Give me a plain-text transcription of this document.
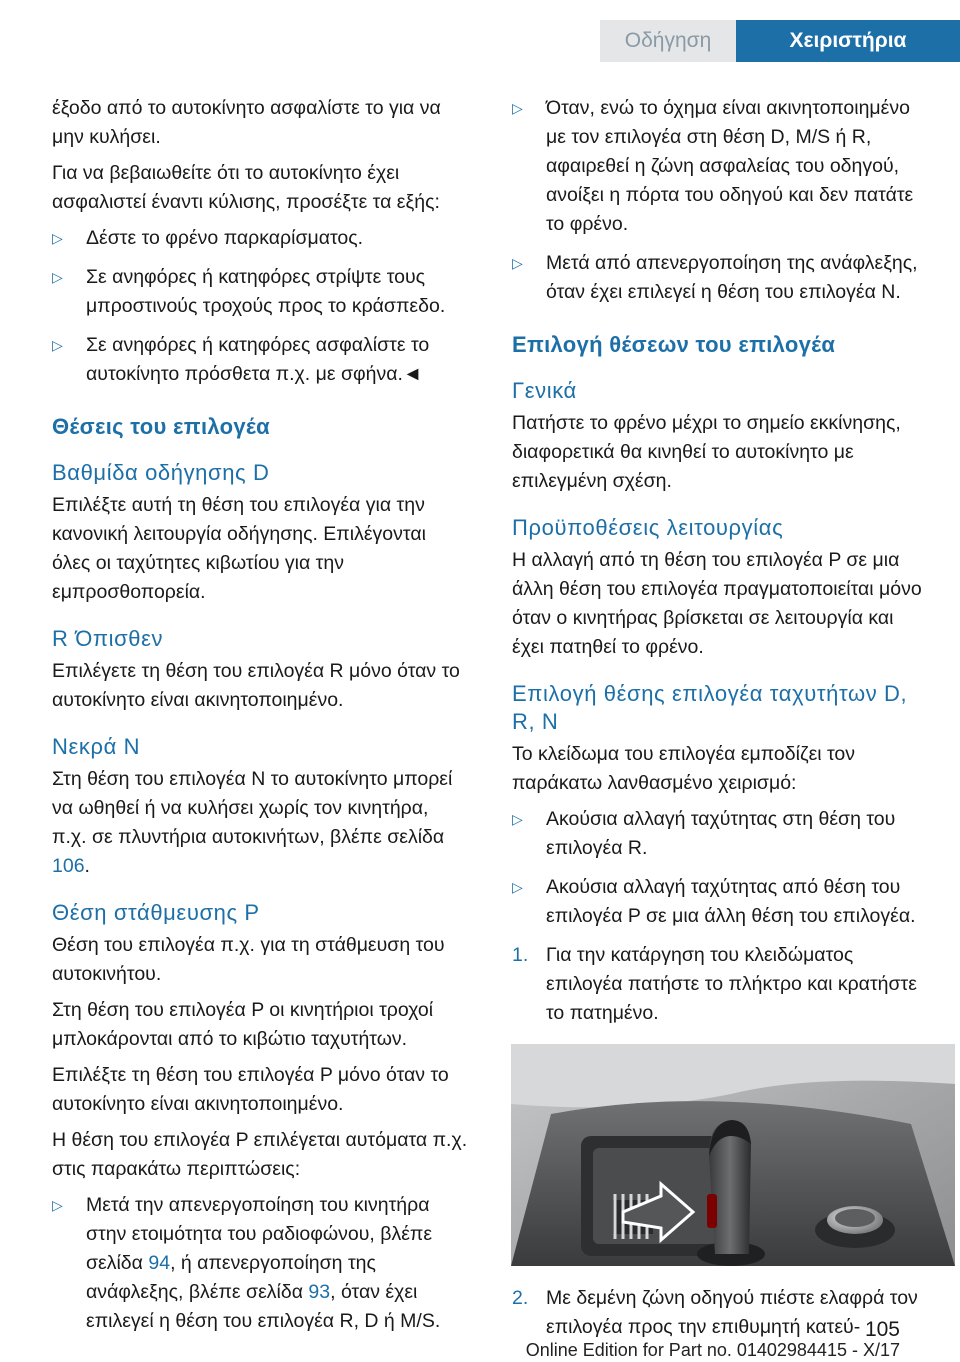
Οδήγηση	Χειριστήρια

έξοδο από το αυτοκίνητο ασφαλίστε το για να μην κυλήσει.

Για να βεβαιωθείτε ότι το αυτοκίνητο έχει ασφαλιστεί έναντι κύλισης, προσέξτε τα εξής:

▷	Δέστε το φρένο παρκαρίσματος.
▷	Σε ανηφόρες ή κατηφόρες στρίψτε τους μπροστινούς τροχούς προς το κράσπεδο.
▷	Σε ανηφόρες ή κατηφόρες ασφαλίστε το αυτοκίνητο πρόσθετα π.χ. με σφήνα.◄
Θέσεις του επιλογέα
Βαθμίδα οδήγησης D

Επιλέξτε αυτή τη θέση του επιλογέα για την κανονική λειτουργία οδήγησης. Επιλέγονται όλες οι ταχύτητες κιβωτίου για την εμπροσθοπορεία.

R Όπισθεν

Επιλέγετε τη θέση του επιλογέα R μόνο όταν το αυτοκίνητο είναι ακινητοποιημένο.

Νεκρά N

Στη θέση του επιλογέα N το αυτοκίνητο μπορεί να ωθηθεί ή να κυλήσει χωρίς τον κινητήρα, π.χ. σε πλυντήρια αυτοκινήτων, βλέπε σελίδα 106.

Θέση στάθμευσης P

Θέση του επιλογέα π.χ. για τη στάθμευση του αυτοκινήτου.

Στη θέση του επιλογέα P οι κινητήριοι τροχοί μπλοκάρονται από το κιβώτιο ταχυτήτων.

Επιλέξτε τη θέση του επιλογέα P μόνο όταν το αυτοκίνητο είναι ακινητοποιημένο.

Η θέση του επιλογέα P επιλέγεται αυτόματα π.χ. στις παρακάτω περιπτώσεις:

▷	Μετά την απενεργοποίηση του κινητήρα στην ετοιμότητα του ραδιοφώνου, βλέπε σελίδα 94, ή απενεργοποίηση της ανάφλεξης, βλέπε σελίδα 93, όταν έχει επιλεγεί η θέση του επιλογέα R, D ή M/S.
▷	Όταν, ενώ το όχημα είναι ακινητοποιημένο με τον επιλογέα στη θέση D, M/S ή R, αφαιρεθεί η ζώνη ασφαλείας του οδηγού, ανοίξει η πόρτα του οδηγού και δεν πατάτε το φρένο.
▷	Μετά από απενεργοποίηση της ανάφλεξης, όταν έχει επιλεγεί η θέση του επιλογέα N.
Επιλογή θέσεων του επιλογέα
Γενικά

Πατήστε το φρένο μέχρι το σημείο εκκίνησης, διαφορετικά θα κινηθεί το αυτοκίνητο με επιλεγμένη σχέση.

Προϋποθέσεις λειτουργίας

Η αλλαγή από τη θέση του επιλογέα P σε μια άλλη θέση του επιλογέα πραγματοποιείται μόνο όταν ο κινητήρας βρίσκεται σε λειτουργία και έχει πατηθεί το φρένο.

Επιλογή θέσης επιλογέα ταχυτήτων D, R, N

Το κλείδωμα του επιλογέα εμποδίζει τον παράκατω λανθασμένο χειρισμό:

▷	Ακούσια αλλαγή ταχύτητας στη θέση του επιλογέα R.
▷	Ακούσια αλλαγή ταχύτητας από θέση του επιλογέα P σε μια άλλη θέση του επιλογέα.
1. Για την κατάργηση του κλειδώματος επιλογέα πατήστε το πλήκτρο και κρατήστε το πατημένο.
2. Με δεμένη ζώνη οδηγού πιέστε ελαφρά τον επιλογέα προς την επιθυμητή κατεύ- 105
Online Edition for Part no. 01402984415 - X/17
